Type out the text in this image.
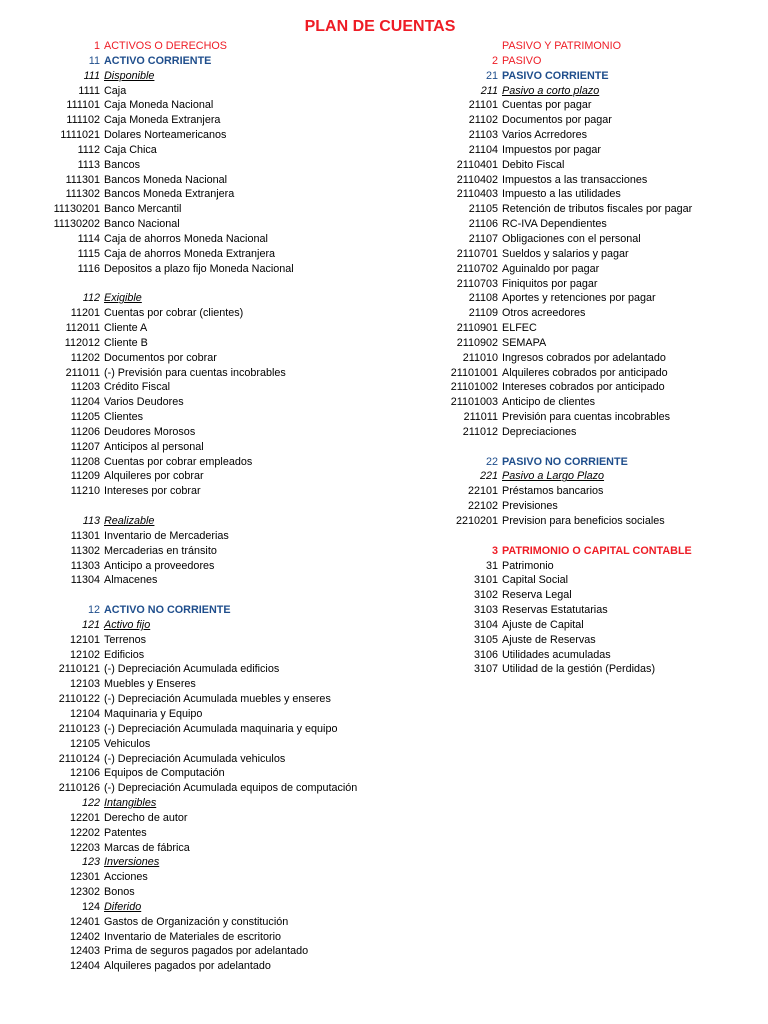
PLAN DE CUENTAS
1 ACTIVOS O DERECHOS
11 ACTIVO CORRIENTE
111 Disponible
1111 Caja
111101 Caja Moneda Nacional
111102 Caja Moneda Extranjera
1111021 Dolares Norteamericanos
1112 Caja Chica
1113 Bancos
111301 Bancos Moneda Nacional
111302 Bancos Moneda Extranjera
11130201 Banco Mercantil
11130202 Banco Nacional
1114 Caja de ahorros Moneda Nacional
1115 Caja de ahorros Moneda Extranjera
1116 Depositos a plazo fijo Moneda Nacional
112 Exigible
11201 Cuentas por cobrar (clientes)
112011 Cliente A
112012 Cliente B
11202 Documentos por cobrar
211011 (-) Previsión para cuentas incobrables
11203 Crédito Fiscal
11204 Varios Deudores
11205 Clientes
11206 Deudores Morosos
11207 Anticipos al personal
11208 Cuentas por cobrar empleados
11209 Alquileres por cobrar
11210 Intereses por cobrar
113 Realizable
11301 Inventario de Mercaderias
11302 Mercaderias en tránsito
11303 Anticipo a proveedores
11304 Almacenes
12 ACTIVO NO CORRIENTE
121 Activo fijo
12101 Terrenos
12102 Edificios
2110121 (-) Depreciación Acumulada edificios
12103 Muebles y Enseres
2110122 (-) Depreciación Acumulada muebles y enseres
12104 Maquinaria y Equipo
2110123 (-) Depreciación Acumulada maquinaria y equipo
12105 Vehiculos
2110124 (-) Depreciación Acumulada vehiculos
12106 Equipos de Computación
2110126 (-) Depreciación Acumulada equipos de computación
122 Intangibles
12201 Derecho de autor
12202 Patentes
12203 Marcas de fábrica
123 Inversiones
12301 Acciones
12302 Bonos
124 Diferido
12401 Gastos de Organización y constitución
12402 Inventario de Materiales de escritorio
12403 Prima de seguros pagados por adelantado
12404 Alquileres pagados por adelantado
PASIVO Y PATRIMONIO
2 PASIVO
21 PASIVO CORRIENTE
211 Pasivo a corto plazo
21101 Cuentas por pagar
21102 Documentos por pagar
21103 Varios Acrredores
21104 Impuestos por pagar
2110401 Debito Fiscal
2110402 Impuestos a las transacciones
2110403 Impuesto a las utilidades
21105 Retención de tributos fiscales por pagar
21106 RC-IVA Dependientes
21107 Obligaciones con el personal
2110701 Sueldos y salarios y pagar
2110702 Aguinaldo por pagar
2110703 Finiquitos por pagar
21108 Aportes y retenciones por pagar
21109 Otros acreedores
2110901 ELFEC
2110902 SEMAPA
211010 Ingresos cobrados por adelantado
21101001 Alquileres cobrados por anticipado
21101002 Intereses cobrados por anticipado
21101003 Anticipo de clientes
211011 Previsión para cuentas incobrables
211012 Depreciaciones
22 PASIVO NO CORRIENTE
221 Pasivo a Largo Plazo
22101 Préstamos bancarios
22102 Previsiones
2210201 Prevision para beneficios sociales
3 PATRIMONIO O CAPITAL CONTABLE
31 Patrimonio
3101 Capital Social
3102 Reserva Legal
3103 Reservas Estatutarias
3104 Ajuste de Capital
3105 Ajuste de Reservas
3106 Utilidades acumuladas
3107 Utilidad de la gestión (Perdidas)
